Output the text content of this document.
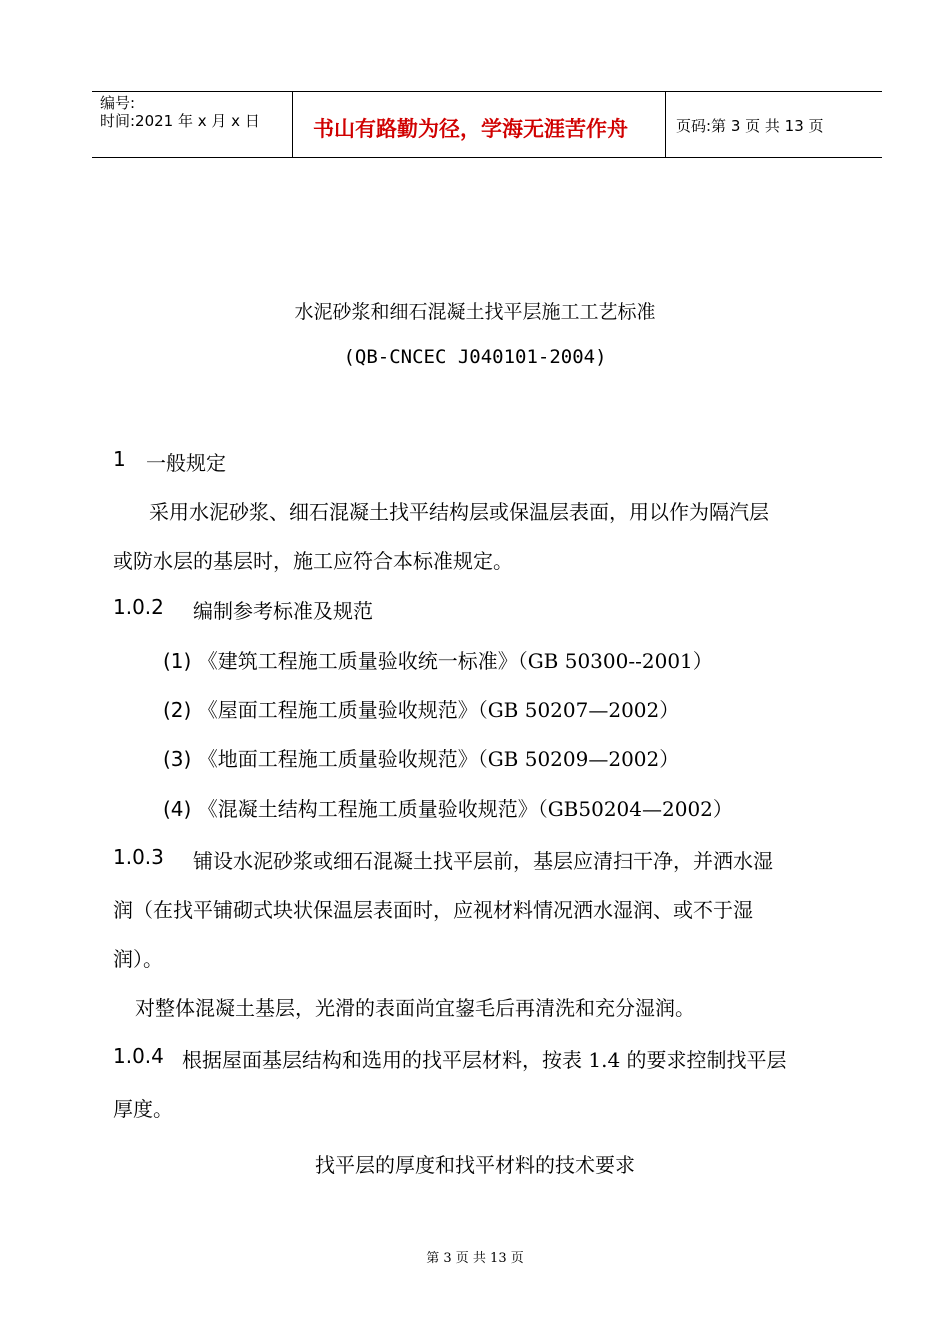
编号:
时间:2021 年 x 月 x 日	书山有路勤为径，学海无涯苦作舟	页码:第 3 页 共 13 页
水泥砂浆和细石混凝土找平层施工工艺标准
(QB-CNCEC J040101-2004)
1 一般规定
采用水泥砂浆、细石混凝土找平结构层或保温层表面，用以作为隔汽层
或防水层的基层时，施工应符合本标准规定。
1.0.2 编制参考标准及规范
(1) 《建筑工程施工质量验收统一标准》（GB 50300--2001）
(2) 《屋面工程施工质量验收规范》（GB 50207—2002）
(3) 《地面工程施工质量验收规范》（GB 50209—2002）
(4) 《混凝土结构工程施工质量验收规范》（GB50204—2002）
1.0.3 铺设水泥砂浆或细石混凝土找平层前，基层应清扫干净，并洒水湿
润（在找平铺砌式块状保温层表面时，应视材料情况洒水湿润、或不于湿
润）。
对整体混凝土基层，光滑的表面尚宜鋆毛后再清洗和充分湿润。
1.0.4 根据屋面基层结构和选用的找平层材料，按表 1.4 的要求控制找平层
厚度。
找平层的厚度和找平材料的技术要求
第 3 页 共 13 页
